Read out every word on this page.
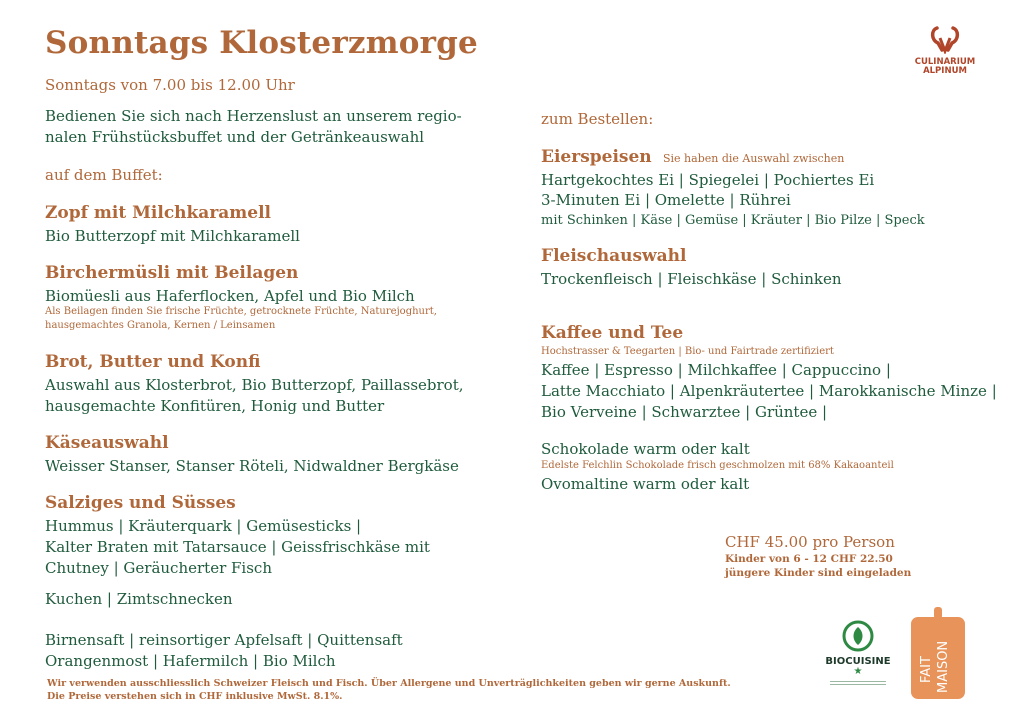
Sonntags Klosterzmorge
Sonntags von 7.00 bis 12.00 Uhr
Bedienen Sie sich nach Herzenslust an unserem regio-
nalen Frühstücksbuffet und der Getränkeauswahl
CULINARIUM
ALPINUM
auf dem Buffet:
Zopf mit Milchkaramell
Bio Butterzopf mit Milchkaramell
Birchermüsli mit Beilagen
Biomüesli aus Haferflocken, Apfel und Bio Milch
Als Beilagen finden Sie frische Früchte, getrocknete Früchte, Naturejoghurt,
hausgemachtes Granola, Kernen / Leinsamen
Brot, Butter und Konfi
Auswahl aus Klosterbrot, Bio Butterzopf, Paillassebrot,
hausgemachte Konfitüren, Honig und Butter
Käseauswahl
Weisser Stanser, Stanser Röteli, Nidwaldner Bergkäse
Salziges und Süsses
Hummus | Kräuterquark | Gemüsesticks |
Kalter Braten mit Tatarsauce | Geissfrischkäse mit
Chutney | Geräucherter Fisch
Kuchen | Zimtschnecken
Birnensaft | reinsortiger Apfelsaft | Quittensaft
Orangenmost | Hafermilch | Bio Milch
zum Bestellen:
Eierspeisen Sie haben die Auswahl zwischen
Hartgekochtes Ei | Spiegelei | Pochiertes Ei
3-Minuten Ei | Omelette | Rührei
mit Schinken | Käse | Gemüse | Kräuter | Bio Pilze | Speck
Fleischauswahl
Trockenfleisch | Fleischkäse | Schinken
Kaffee und Tee
Hochstrasser & Teegarten | Bio- und Fairtrade zertifiziert
Kaffee | Espresso | Milchkaffee | Cappuccino |
Latte Macchiato | Alpenkräutertee | Marokkanische Minze |
Bio Verveine | Schwarztee | Grüntee |
Schokolade warm oder kalt
Edelste Felchlin Schokolade frisch geschmolzen mit 68% Kakaoanteil
Ovomaltine warm oder kalt
CHF 45.00 pro Person
Kinder von 6 - 12 CHF 22.50
jüngere Kinder sind eingeladen
BIOCUISINE
★	FAIT MAISON
Wir verwenden ausschliesslich Schweizer Fleisch und Fisch. Über Allergene und Unverträglichkeiten geben wir gerne Auskunft.
Die Preise verstehen sich in CHF inklusive MwSt. 8.1%.
